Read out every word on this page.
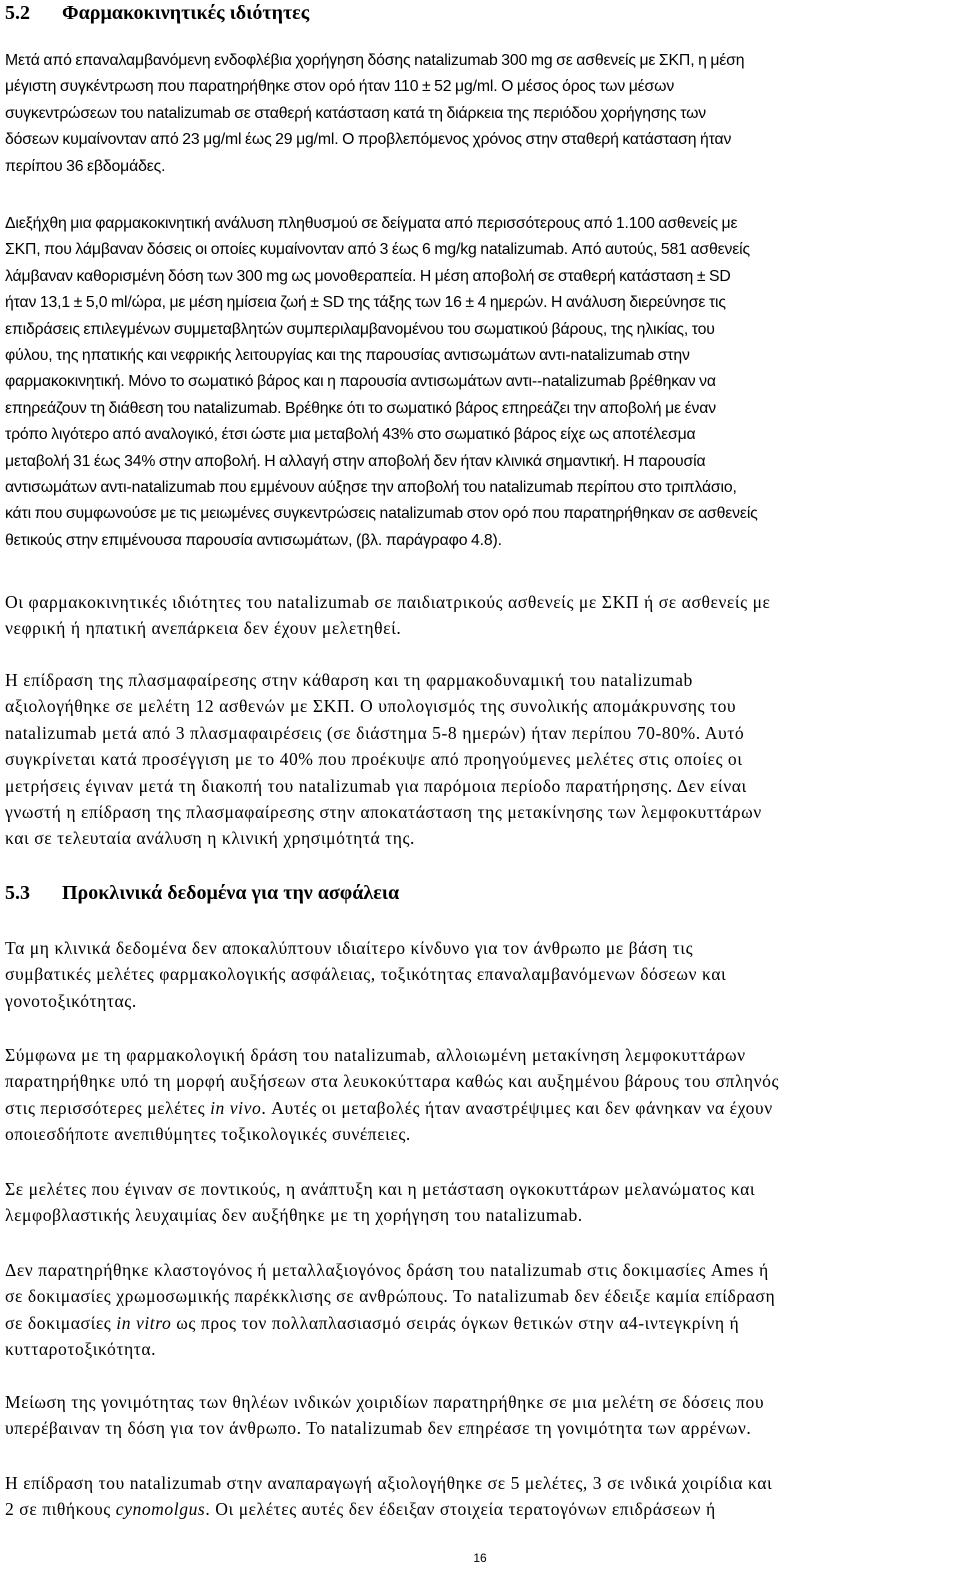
5.2 Φαρμακοκινητικές ιδιότητες

Μετά από επαναλαμβανόμενη ενδοφλέβια χορήγηση δόσης natalizumab 300 mg σε ασθενείς με ΣΚΠ, η μέση
μέγιστη συγκέντρωση που παρατηρήθηκε στον ορό ήταν 110 ± 52 μg/ml. Ο μέσος όρος των μέσων
συγκεντρώσεων του natalizumab σε σταθερή κατάσταση κατά τη διάρκεια της περιόδου χορήγησης των
δόσεων κυμαίνονταν από 23 μg/ml έως 29 μg/ml. Ο προβλεπόμενος χρόνος στην σταθερή κατάσταση ήταν
περίπου 36 εβδομάδες.

Διεξήχθη μια φαρμακοκινητική ανάλυση πληθυσμού σε δείγματα από περισσότερους από 1.100 ασθενείς με
ΣΚΠ, που λάμβαναν δόσεις οι οποίες κυμαίνονταν από 3 έως 6 mg/kg natalizumab. Από αυτούς, 581 ασθενείς
λάμβαναν καθορισμένη δόση των 300 mg ως μονοθεραπεία. Η μέση αποβολή σε σταθερή κατάσταση ± SD
ήταν 13,1 ± 5,0 ml/ώρα, με μέση ημίσεια ζωή ± SD της τάξης των 16 ± 4 ημερών. Η ανάλυση διερεύνησε τις
επιδράσεις επιλεγμένων συμμεταβλητών συμπεριλαμβανομένου του σωματικού βάρους, της ηλικίας, του
φύλου, της ηπατικής και νεφρικής λειτουργίας και της παρουσίας αντισωμάτων αντι-natalizumab στην
φαρμακοκινητική. Μόνο το σωματικό βάρος και η παρουσία αντισωμάτων αντι--natalizumab βρέθηκαν να
επηρεάζουν τη διάθεση του natalizumab. Βρέθηκε ότι το σωματικό βάρος επηρεάζει την αποβολή με έναν
τρόπο λιγότερο από αναλογικό, έτσι ώστε μια μεταβολή 43% στο σωματικό βάρος είχε ως αποτέλεσμα
μεταβολή 31 έως 34% στην αποβολή. Η αλλαγή στην αποβολή δεν ήταν κλινικά σημαντική. Η παρουσία
αντισωμάτων αντι-natalizumab που εμμένουν αύξησε την αποβολή του natalizumab περίπου στο τριπλάσιο,
κάτι που συμφωνούσε με τις μειωμένες συγκεντρώσεις natalizumab στον ορό που παρατηρήθηκαν σε ασθενείς
θετικούς στην επιμένουσα παρουσία αντισωμάτων, (βλ. παράγραφο 4.8).

Οι φαρμακοκινητικές ιδιότητες του natalizumab σε παιδιατρικούς ασθενείς με ΣΚΠ ή σε ασθενείς με
νεφρική ή ηπατική ανεπάρκεια δεν έχουν μελετηθεί.

Η επίδραση της πλασμαφαίρεσης στην κάθαρση και τη φαρμακοδυναμική του natalizumab
αξιολογήθηκε σε μελέτη 12 ασθενών με ΣΚΠ. Ο υπολογισμός της συνολικής απομάκρυνσης του
natalizumab μετά από 3 πλασμαφαιρέσεις (σε διάστημα 5-8 ημερών) ήταν περίπου 70-80%. Αυτό
συγκρίνεται κατά προσέγγιση με το 40% που προέκυψε από προηγούμενες μελέτες στις οποίες οι
μετρήσεις έγιναν μετά τη διακοπή του natalizumab για παρόμοια περίοδο παρατήρησης. Δεν είναι
γνωστή η επίδραση της πλασμαφαίρεσης στην αποκατάσταση της μετακίνησης των λεμφοκυττάρων
και σε τελευταία ανάλυση η κλινική χρησιμότητά της.

5.3 Προκλινικά δεδομένα για την ασφάλεια

Τα μη κλινικά δεδομένα δεν αποκαλύπτουν ιδιαίτερο κίνδυνο για τον άνθρωπο με βάση τις
συμβατικές μελέτες φαρμακολογικής ασφάλειας, τοξικότητας επαναλαμβανόμενων δόσεων και
γονοτοξικότητας.

Σύμφωνα με τη φαρμακολογική δράση του natalizumab, αλλοιωμένη μετακίνηση λεμφοκυττάρων
παρατηρήθηκε υπό τη μορφή αυξήσεων στα λευκοκύτταρα καθώς και αυξημένου βάρους του σπληνός
στις περισσότερες μελέτες in vivo. Αυτές οι μεταβολές ήταν αναστρέψιμες και δεν φάνηκαν να έχουν
οποιεσδήποτε ανεπιθύμητες τοξικολογικές συνέπειες.

Σε μελέτες που έγιναν σε ποντικούς, η ανάπτυξη και η μετάσταση ογκοκυττάρων μελανώματος και
λεμφοβλαστικής λευχαιμίας δεν αυξήθηκε με τη χορήγηση του natalizumab.

Δεν παρατηρήθηκε κλαστογόνος ή μεταλλαξιογόνος δράση του natalizumab στις δοκιμασίες Ames ή
σε δοκιμασίες χρωμοσωμικής παρέκκλισης σε ανθρώπους. Το natalizumab δεν έδειξε καμία επίδραση
σε δοκιμασίες in vitro ως προς τον πολλαπλασιασμό σειράς όγκων θετικών στην α4-ιντεγκρίνη ή
κυτταροτοξικότητα.

Μείωση της γονιμότητας των θηλέων ινδικών χοιριδίων παρατηρήθηκε σε μια μελέτη σε δόσεις που
υπερέβαιναν τη δόση για τον άνθρωπο. Το natalizumab δεν επηρέασε τη γονιμότητα των αρρένων.

Η επίδραση του natalizumab στην αναπαραγωγή αξιολογήθηκε σε 5 μελέτες, 3 σε ινδικά χοιρίδια και
2 σε πιθήκους cynomolgus. Οι μελέτες αυτές δεν έδειξαν στοιχεία τερατογόνων επιδράσεων ή

16
